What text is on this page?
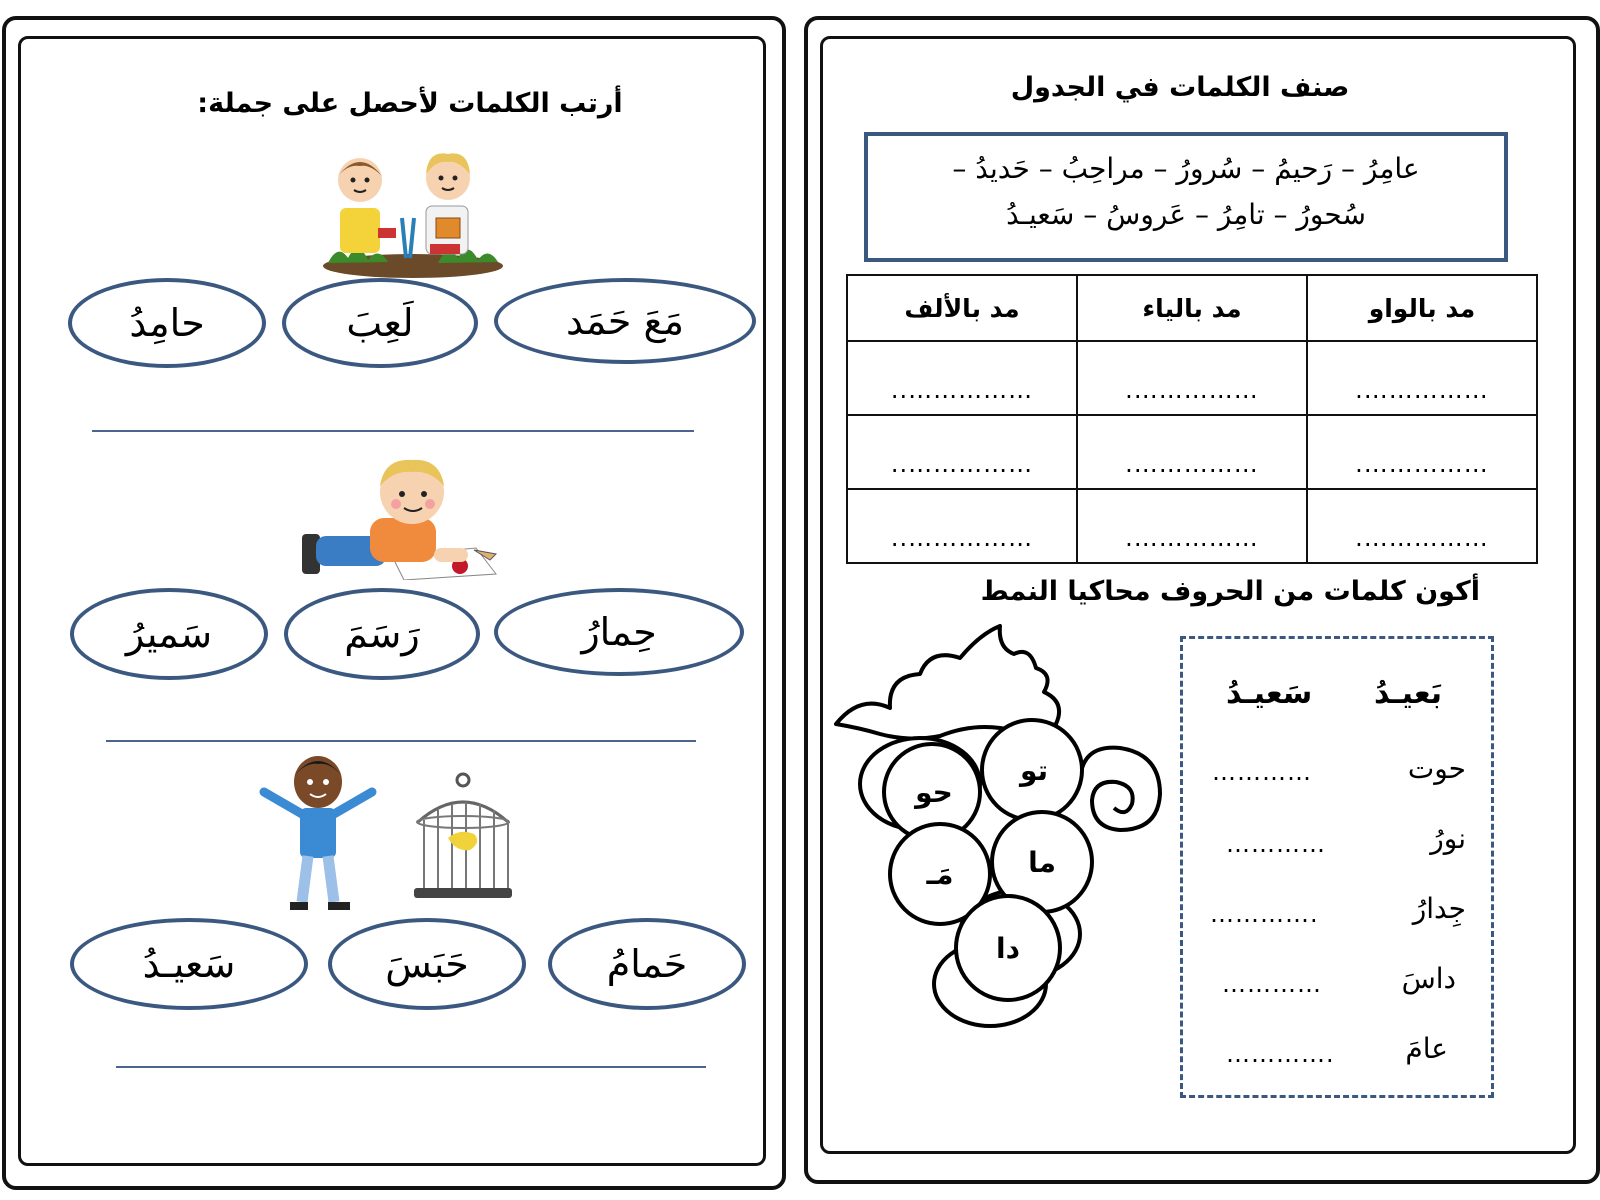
أرتب الكلمات لأحصل على جملة:
مَعَ حَمَد
لَعِبَ
حامِدُ
حِمارُ
رَسَمَ
سَميرُ
حَمامُ
حَبَسَ
سَعيـدُ
صنف الكلمات في الجدول
عامِرُ – رَحيمُ – سُرورُ – مراحِبُ – حَديدُ –
سُحورُ – تامِرُ – عَروسُ – سَعيـدُ
مد بالواو	مد بالياء	مد بالألف
…………….	…………….	……………..
…………….	…………….	……………..
…………….	…………….	……………..
أكون كلمات من الحروف محاكيا النمط
تو
حو
ما
مَـ
دا
بَعيـدُ
سَعيـدُ
حوت
…………
نورُ
…………
جِدارُ
………….
داسَ
…………
عامَ
………….
